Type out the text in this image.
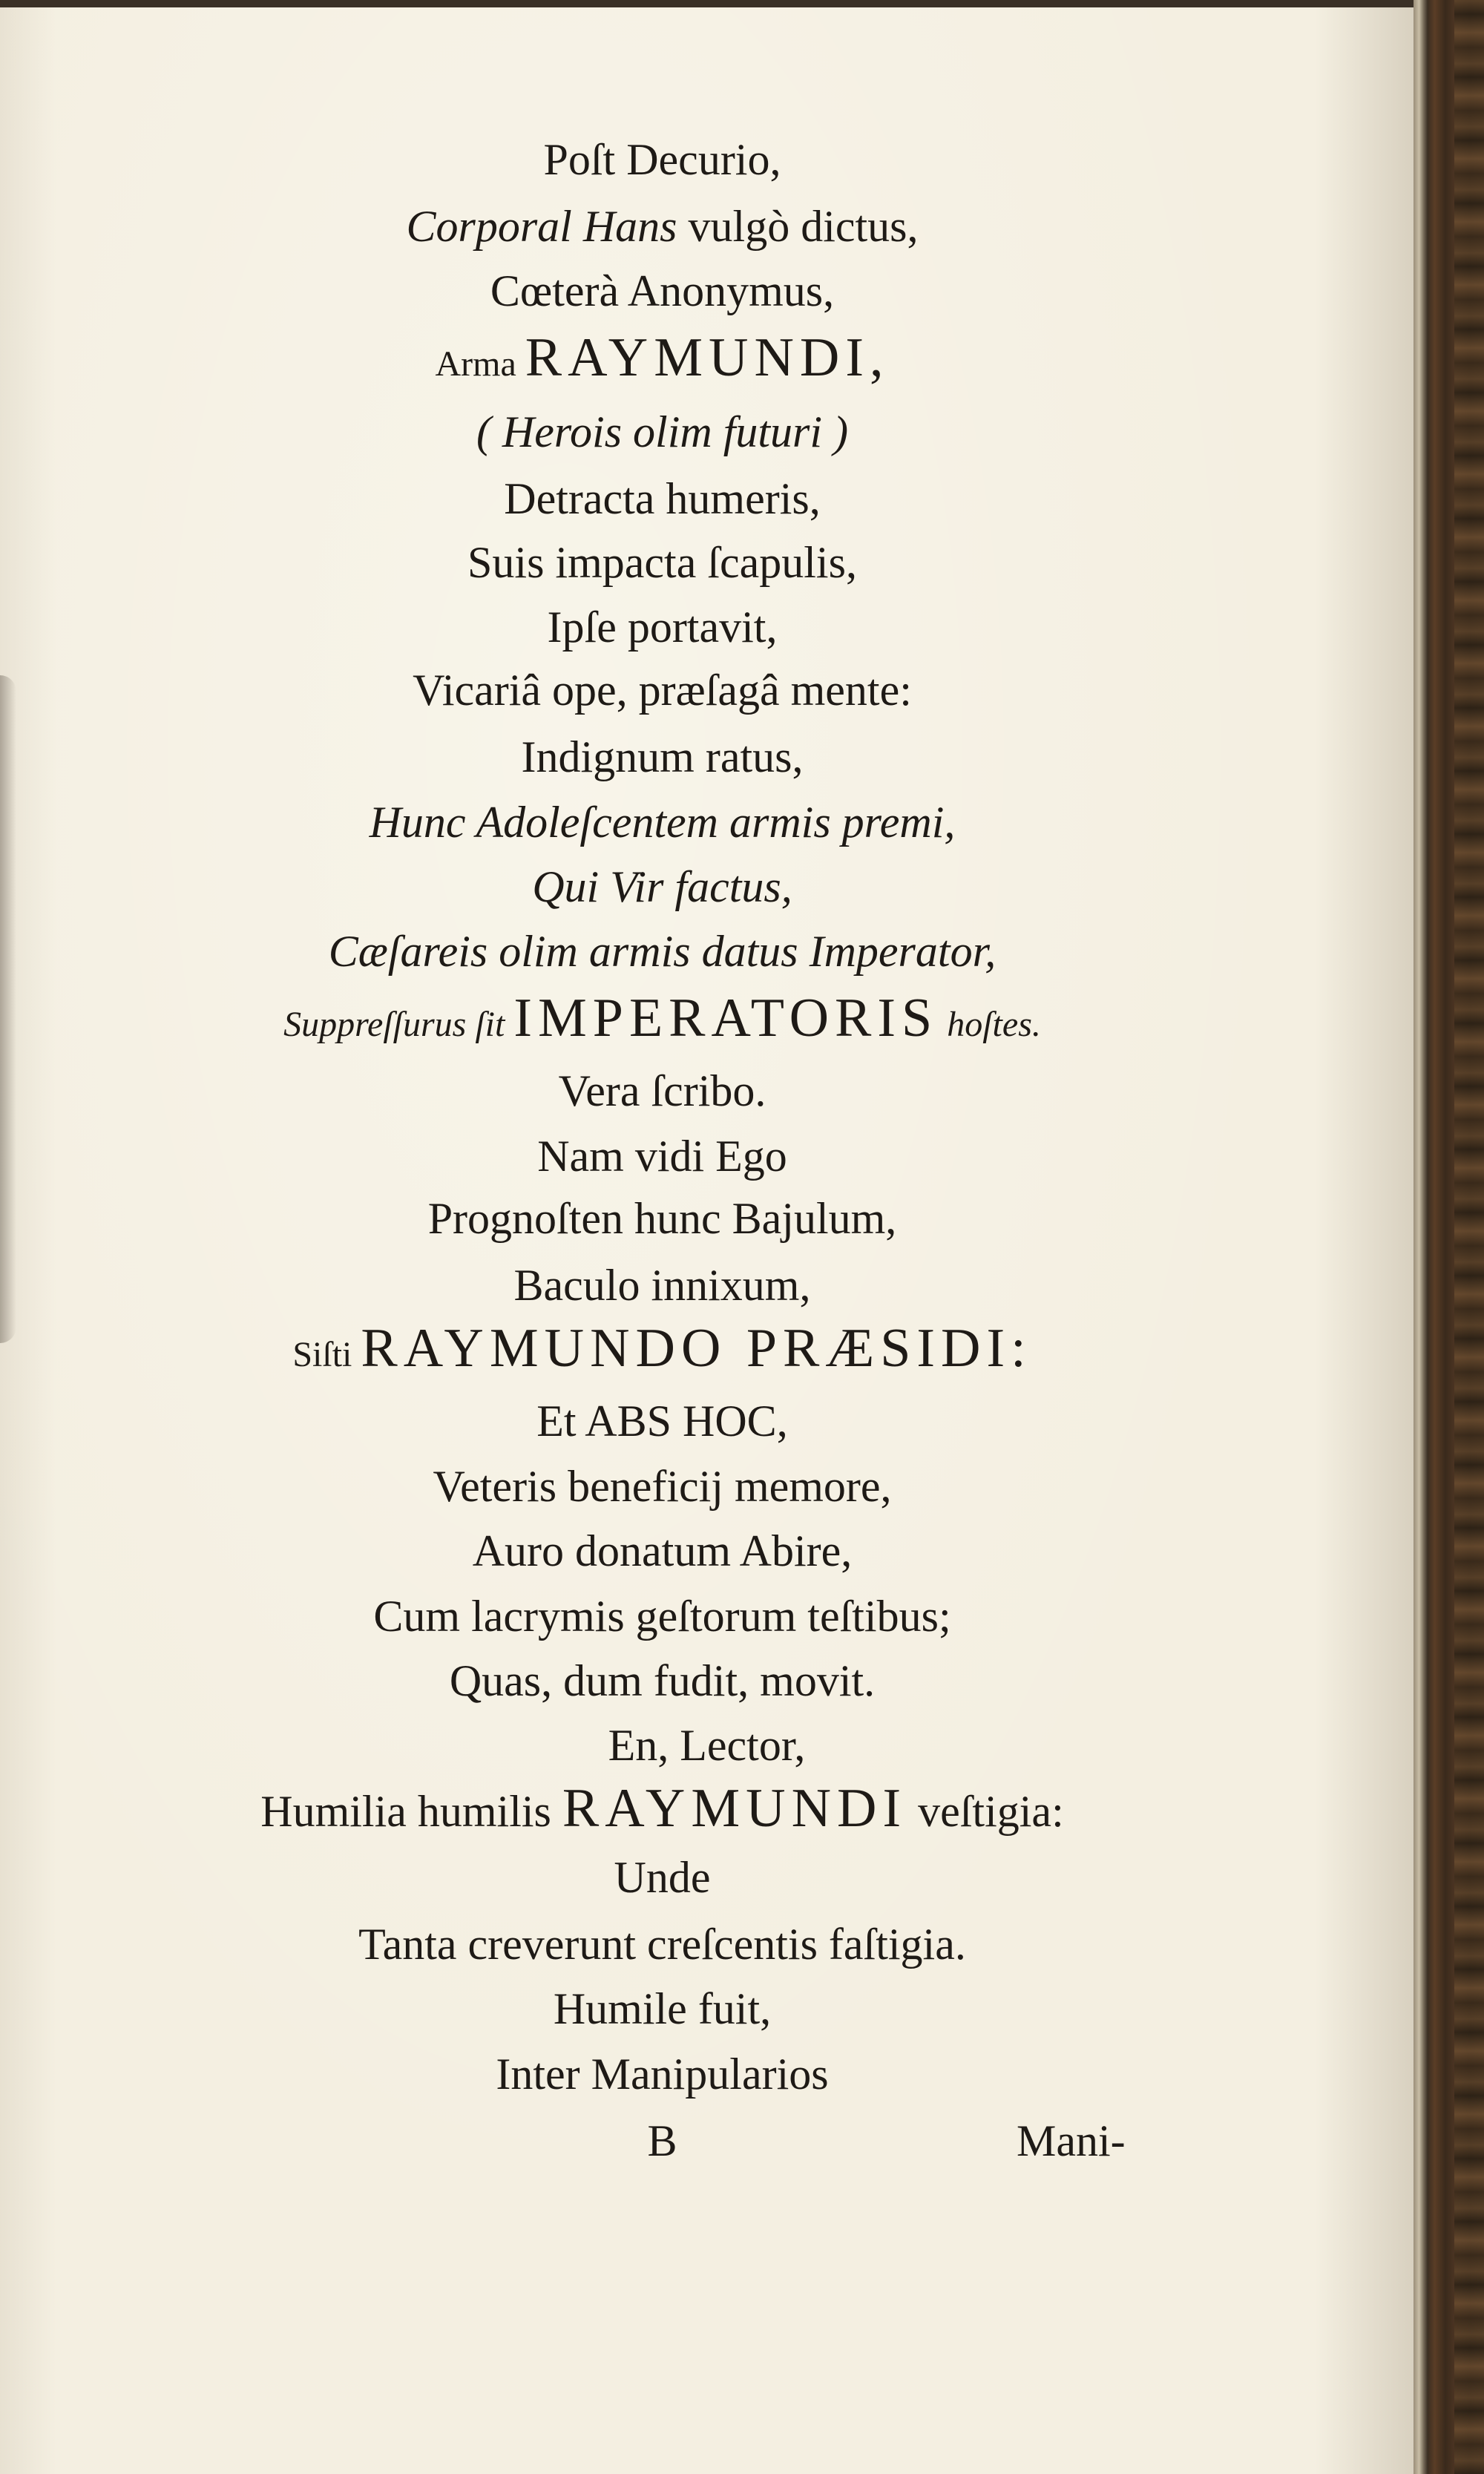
Poſt Decurio,
Corporal Hans vulgò dictus,
Cœterà Anonymus,
Arma RAYMUNDI,
( Herois olim futuri )
Detracta humeris,
Suis impacta ſcapulis,
Ipſe portavit,
Vicariâ ope, præſagâ mente:
Indignum ratus,
Hunc Adoleſcentem armis premi,
Qui Vir factus,
Cæſareis olim armis datus Imperator,
Suppreſſurus ſit IMPERATORIS hoſtes.
Vera ſcribo.
Nam vidi Ego
Prognoſten hunc Bajulum,
Baculo innixum,
Siſti RAYMUNDO PRÆSIDI:
Et ABS HOC,
Veteris beneficij memore,
Auro donatum Abire,
Cum lacrymis geſtorum teſtibus;
Quas, dum fudit, movit.
En, Lector,
Humilia humilis RAYMUNDI veſtigia:
Unde
Tanta creverunt creſcentis faſtigia.
Humile fuit,
Inter Manipularios
B	Mani-
